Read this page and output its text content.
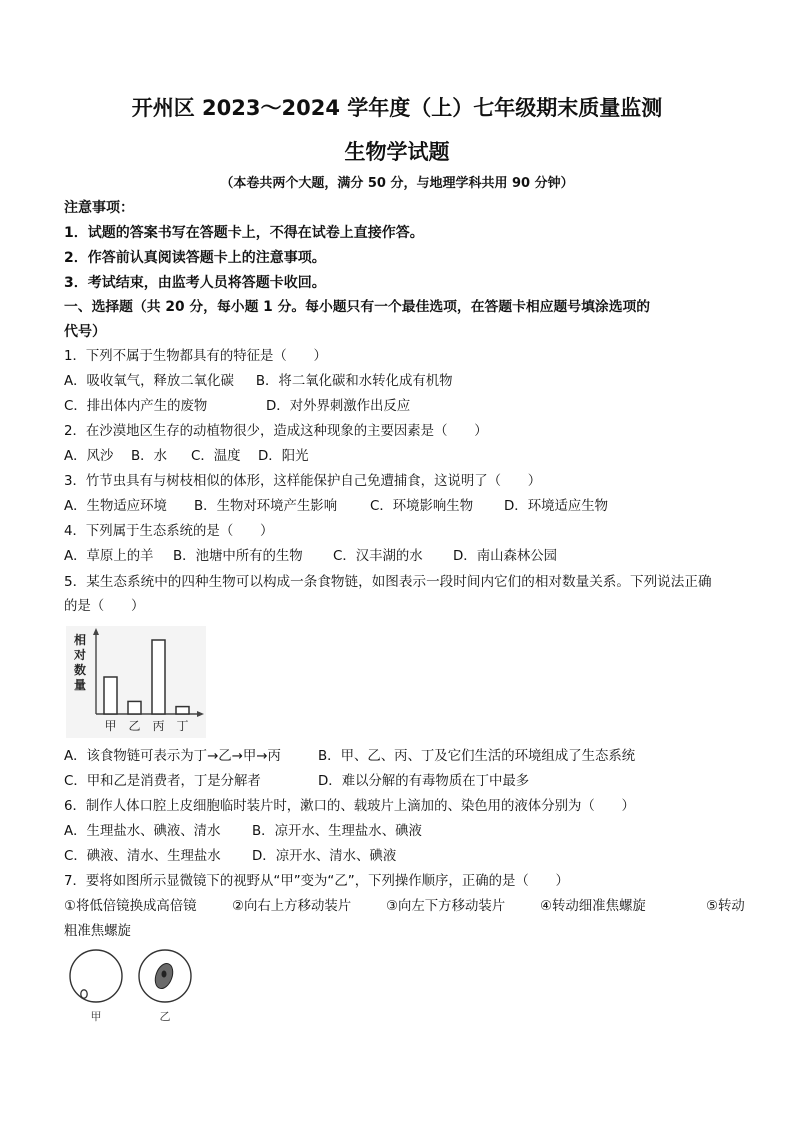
开州区 2023～2024 学年度（上）七年级期末质量监测
生物学试题
（本卷共两个大题，满分 50 分，与地理学科共用 90 分钟）
注意事项：
1．试题的答案书写在答题卡上，不得在试卷上直接作答。
2．作答前认真阅读答题卡上的注意事项。
3．考试结束，由监考人员将答题卡收回。
一、选择题（共 20 分，每小题 1 分。每小题只有一个最佳选项，在答题卡相应题号填涂选项的
代号）
1．下列不属于生物都具有的特征是（　　）
A．吸收氧气，释放二氧化碳 B．将二氧化碳和水转化成有机物
C．排出体内产生的废物	D．对外界刺激作出反应
2．在沙漠地区生存的动植物很少，造成这种现象的主要因素是（　　）
A．风沙 B．水 C．温度 D．阳光
3．竹节虫具有与树枝相似的体形，这样能保护自己免遭捕食，这说明了（　　）
A．生物适应环境 B．生物对环境产生影响 C．环境影响生物 D．环境适应生物
4．下列属于生态系统的是（　　）
A．草原上的羊 B．池塘中所有的生物 C．汉丰湖的水 D．南山森林公园
5．某生态系统中的四种生物可以构成一条食物链，如图表示一段时间内它们的相对数量关系。下列说法正确
的是（　　）
相
对
数
量
甲 乙 丙 丁
A．该食物链可表示为丁→乙→甲→丙	B．甲、乙、丙、丁及它们生活的环境组成了生态系统
C．甲和乙是消费者，丁是分解者	D．难以分解的有毒物质在丁中最多
6．制作人体口腔上皮细胞临时装片时，漱口的、载玻片上滴加的、染色用的液体分别为（　　）
A．生理盐水、碘液、清水 B．凉开水、生理盐水、碘液
C．碘液、清水、生理盐水 D．凉开水、清水、碘液
7．要将如图所示显微镜下的视野从“甲”变为“乙”，下列操作顺序，正确的是（　　）
①将低倍镜换成高倍镜	②向右上方移动装片	③向左下方移动装片	④转动细准焦螺旋	⑤转动
粗准焦螺旋
甲	乙
